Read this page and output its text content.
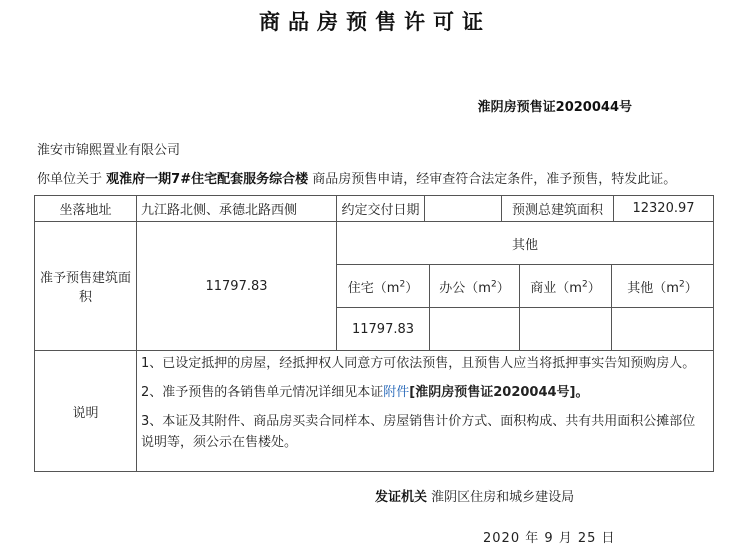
商品房预售许可证
淮阴房预售证2020044号
淮安市锦熙置业有限公司
你单位关于 观淮府一期7#住宅配套服务综合楼 商品房预售申请，经审查符合法定条件，准予预售，特发此证。
坐落地址	九江路北侧、承德北路西侧	约定交付日期		预测总建筑面积	12320.97
准予预售建筑面积	11797.83	其他			
		住宅$(m^2)$	办公$(m^2)$	商业$(m^2)$	其他$(m^2)$
		11797.83			
说明	1、已设定抵押的房屋，经抵押权人同意方可依法预售，且预售人应当将抵押事实告知预购房人。

2、准予预售的各销售单元情况详细见本证附件[淮阴房预售证2020044号]。

3、本证及其附件、商品房买卖合同样本、房屋销售计价方式、面积构成、共有共用面积公摊部位说明等，须公示在售楼处。				

发证机关 淮阴区住房和城乡建设局
2020 年 9 月 25 日
